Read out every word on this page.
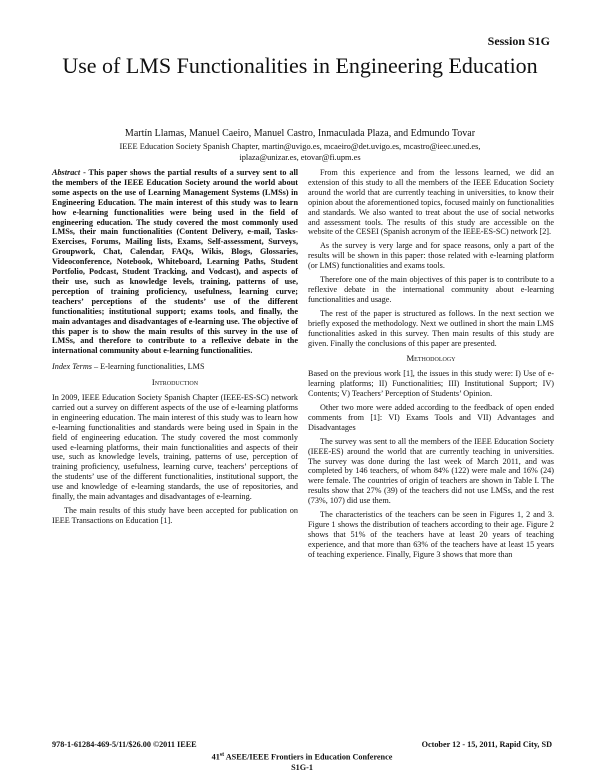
Session S1G
Use of LMS Functionalities in Engineering Education
Martín Llamas, Manuel Caeiro, Manuel Castro, Inmaculada Plaza, and Edmundo Tovar
IEEE Education Society Spanish Chapter, martin@uvigo.es, mcaeiro@det.uvigo.es, mcastro@ieec.uned.es,
iplaza@unizar.es, etovar@fi.upm.es

Abstract - This paper shows the partial results of a survey sent to all the members of the IEEE Education Society around the world about some aspects on the use of Learning Management Systems (LMSs) in Engineering Education. The main interest of this study was to learn how e-learning functionalities were being used in the field of engineering education. The study covered the most commonly used LMSs, their main functionalities (Content Delivery, e-mail, Tasks-Exercises, Forums, Mailing lists, Exams, Self-assessment, Surveys, Groupwork, Chat, Calendar, FAQs, Wikis, Blogs, Glossaries, Videoconference, Notebook, Whiteboard, Learning Paths, Student Portfolio, Podcast, Student Tracking, and Vodcast), and aspects of their use, such as knowledge levels, training, patterns of use, perception of training proficiency, usefulness, learning curve; teachers’ perceptions of the students’ use of the different functionalities; institutional support; exams tools, and finally, the main advantages and disadvantages of e-learning use. The objective of this paper is to show the main results of this survey in the use of LMSs, and therefore to contribute to a reflexive debate in the international community about e-learning functionalities.

Index Terms – E-learning functionalities, LMS

Introduction

In 2009, IEEE Education Society Spanish Chapter (IEEE-ES-SC) network carried out a survey on different aspects of the use of e-learning platforms in engineering education. The main interest of this study was to learn how e-learning functionalities and standards were being used in Spain in the field of engineering education. The study covered the most commonly used e-learning platforms, their main functionalities and aspects of their use, such as knowledge levels, training, patterns of use, perception of training proficiency, usefulness, learning curve, teachers’ perceptions of the students’ use of the different functionalities, institutional support, the use and knowledge of e-learning standards, the use of repositories, and finally, the main advantages and disadvantages of e-learning.

The main results of this study have been accepted for publication on IEEE Transactions on Education [1].

From this experience and from the lessons learned, we did an extension of this study to all the members of the IEEE Education Society around the world that are currently teaching in universities, to know their opinion about the aforementioned topics, focused mainly on functionalities and standards. We also wanted to treat about the use of social networks and assessment tools. The results of this study are accessible on the website of the CESEI (Spanish acronym of the IEEE-ES-SC) network [2].

As the survey is very large and for space reasons, only a part of the results will be shown in this paper: those related with e-learning platform (or LMS) functionalities and exams tools.

Therefore one of the main objectives of this paper is to contribute to a reflexive debate in the international community about e-learning functionalities and usage.

The rest of the paper is structured as follows. In the next section we briefly exposed the methodology. Next we outlined in short the main LMS functionalities asked in this survey. Then main results of this study are given. Finally the conclusions of this paper are presented.

Methodology

Based on the previous work [1], the issues in this study were: I) Use of e-learning platforms; II) Functionalities; III) Institutional Support; IV) Contents; V) Teachers’ Perception of Students’ Opinion.

Other two more were added according to the feedback of open ended comments from [1]: VI) Exams Tools and VII) Advantages and Disadvantages

The survey was sent to all the members of the IEEE Education Society (IEEE-ES) around the world that are currently teaching in universities. The survey was done during the last week of March 2011, and was completed by 146 teachers, of whom 84% (122) were male and 16% (24) were female. The countries of origin of teachers are shown in Table I. The results show that 27% (39) of the teachers did not use LMSs, and the rest (73%, 107) did use them.

The characteristics of the teachers can be seen in Figures 1, 2 and 3. Figure 1 shows the distribution of teachers according to their age. Figure 2 shows that 51% of the teachers have at least 20 years of teaching experience, and that more than 63% of the teachers have at least 15 years of teaching experience. Finally, Figure 3 shows that more than

978-1-61284-469-5/11/$26.00 ©2011 IEEE	October 12 - 15, 2011, Rapid City, SD
41st ASEE/IEEE Frontiers in Education Conference
S1G-1
